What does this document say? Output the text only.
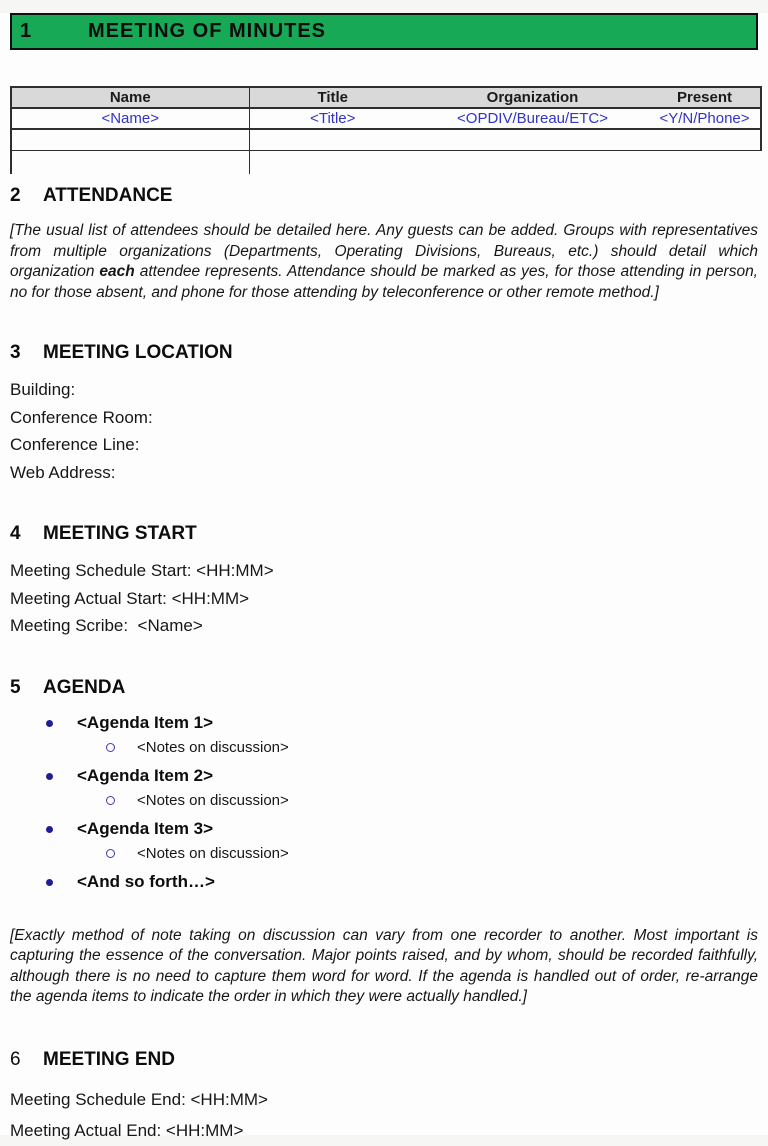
1	MEETING OF MINUTES
Name	Title	Organization	Present
<Name>	<Title>	<OPDIV/Bureau/ETC>	<Y/N/Phone>

2	ATTENDANCE
[The usual list of attendees should be detailed here. Any guests can be added. Groups with representatives from multiple organizations (Departments, Operating Divisions, Bureaus, etc.) should detail which organization each attendee represents. Attendance should be marked as yes, for those attending in person, no for those absent, and phone for those attending by teleconference or other remote method.]
3	MEETING LOCATION
Building:
Conference Room:
Conference Line:
Web Address:
4	MEETING START
Meeting Schedule Start: <HH:MM>
Meeting Actual Start: <HH:MM>
Meeting Scribe:  <Name>
5	AGENDA
<Agenda Item 1>
<Notes on discussion>
<Agenda Item 2>
<Notes on discussion>
<Agenda Item 3>
<Notes on discussion>
<And so forth…>
[Exactly method of note taking on discussion can vary from one recorder to another. Most important is capturing the essence of the conversation. Major points raised, and by whom, should be recorded faithfully, although there is no need to capture them word for word. If the agenda is handled out of order, re-arrange the agenda items to indicate the order in which they were actually handled.]
6	MEETING END
Meeting Schedule End: <HH:MM>
Meeting Actual End: <HH:MM>
